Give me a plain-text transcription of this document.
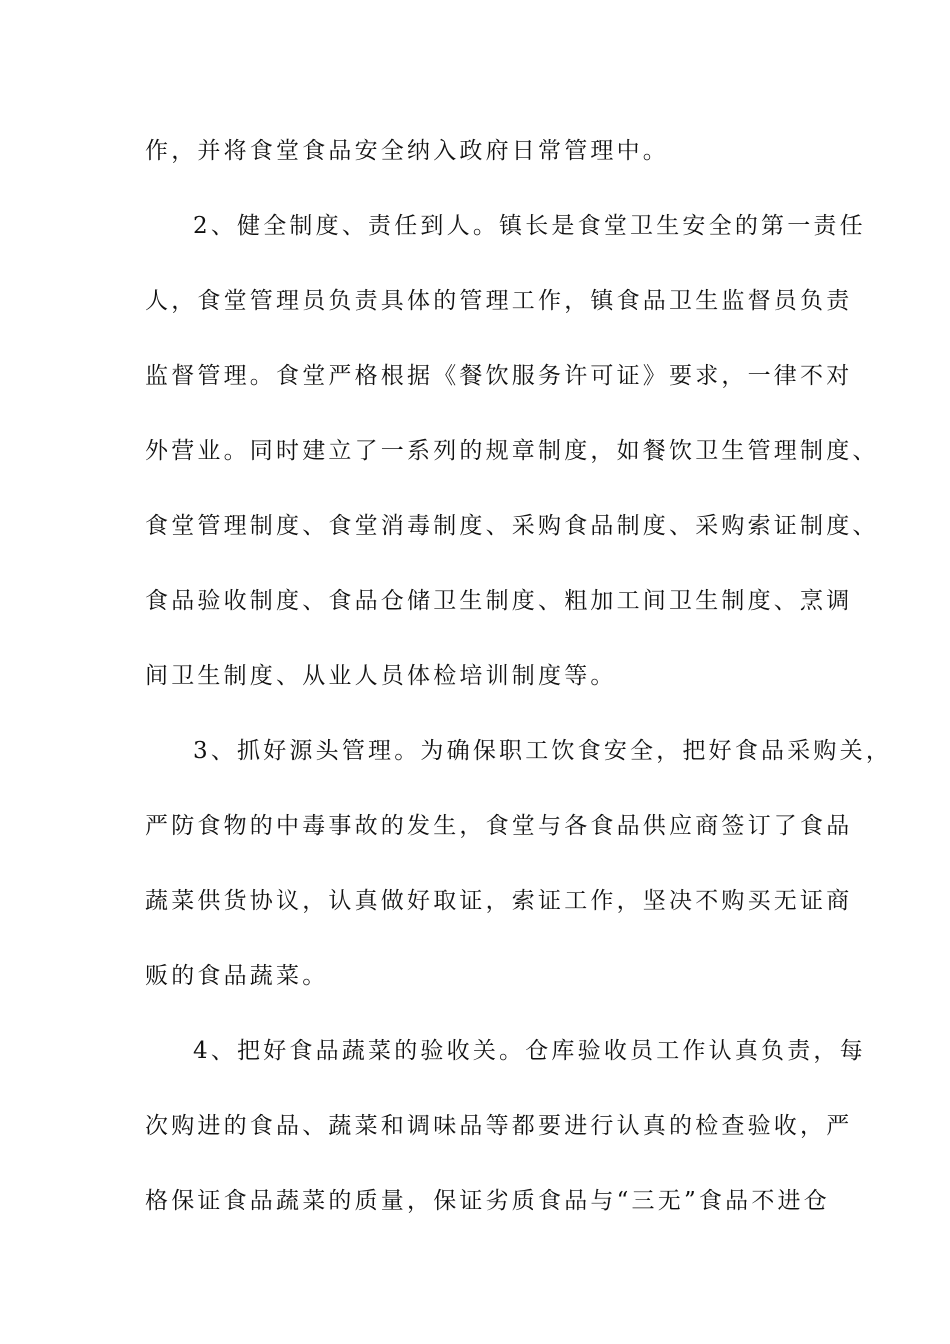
作，并将食堂食品安全纳入政府日常管理中。
2、健全制度、责任到人。镇长是食堂卫生安全的第一责任
人，食堂管理员负责具体的管理工作，镇食品卫生监督员负责
监督管理。食堂严格根据《餐饮服务许可证》要求，一律不对
外营业。同时建立了一系列的规章制度，如餐饮卫生管理制度、
食堂管理制度、食堂消毒制度、采购食品制度、采购索证制度、
食品验收制度、食品仓储卫生制度、粗加工间卫生制度、烹调
间卫生制度、从业人员体检培训制度等。
3、抓好源头管理。为确保职工饮食安全，把好食品采购关，
严防食物的中毒事故的发生，食堂与各食品供应商签订了食品
蔬菜供货协议，认真做好取证，索证工作，坚决不购买无证商
贩的食品蔬菜。
4、把好食品蔬菜的验收关。仓库验收员工作认真负责，每
次购进的食品、蔬菜和调味品等都要进行认真的检查验收，严
格保证食品蔬菜的质量，保证劣质食品与“三无”食品不进仓
